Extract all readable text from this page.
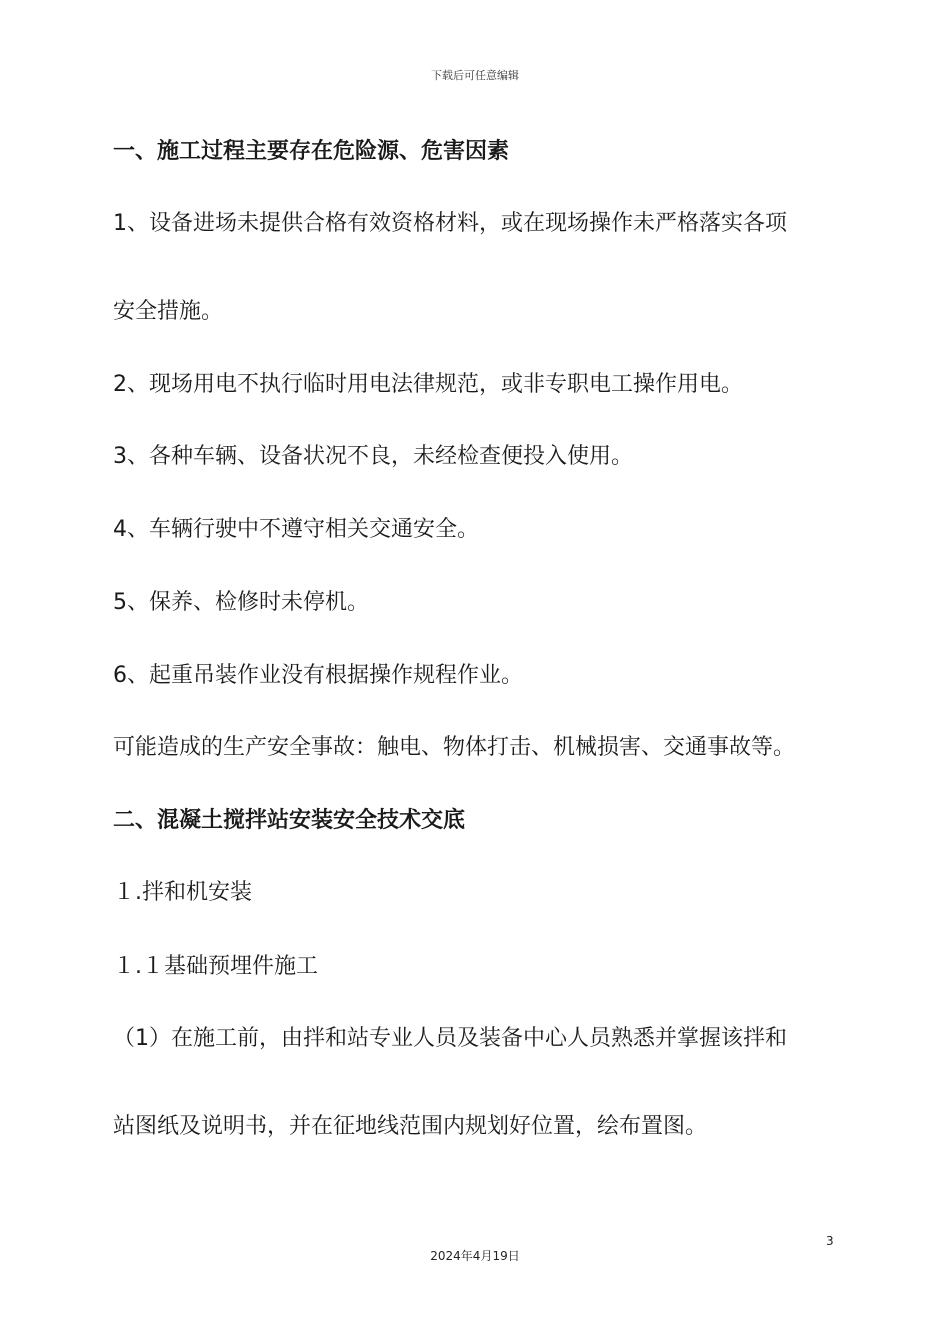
下载后可任意编辑
一、施工过程主要存在危险源、危害因素
1、设备进场未提供合格有效资格材料，或在现场操作未严格落实各项
安全措施。
2、现场用电不执行临时用电法律规范，或非专职电工操作用电。
3、各种车辆、设备状况不良，未经检查便投入使用。
4、车辆行驶中不遵守相关交通安全。
5、保养、检修时未停机。
6、起重吊装作业没有根据操作规程作业。
可能造成的生产安全事故：触电、物体打击、机械损害、交通事故等。
二、混凝土搅拌站安装安全技术交底
１.拌和机安装
１.１基础预埋件施工
（1）在施工前，由拌和站专业人员及装备中心人员熟悉并掌握该拌和
站图纸及说明书，并在征地线范围内规划好位置，绘布置图。
3
2024年4月19日
